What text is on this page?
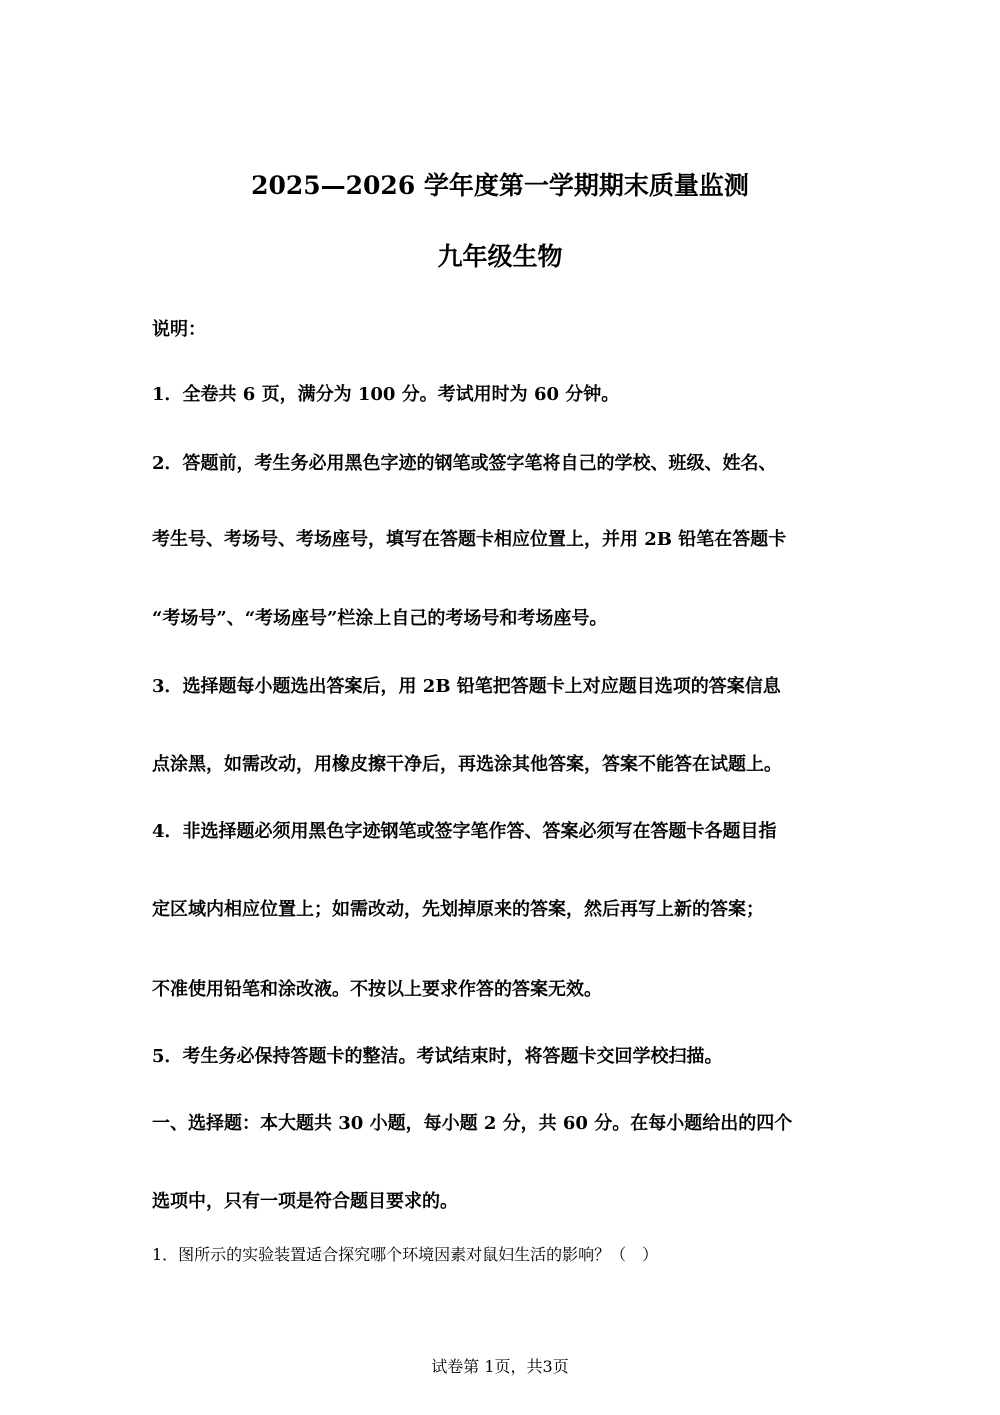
2025—2026 学年度第一学期期末质量监测
九年级生物
说明：
1．全卷共 6 页，满分为 100 分。考试用时为 60 分钟。
2．答题前，考生务必用黑色字迹的钢笔或签字笔将自己的学校、班级、姓名、
考生号、考场号、考场座号，填写在答题卡相应位置上，并用 2B 铅笔在答题卡
“考场号”、“考场座号”栏涂上自己的考场号和考场座号。
3．选择题每小题选出答案后，用 2B 铅笔把答题卡上对应题目选项的答案信息
点涂黑，如需改动，用橡皮擦干净后，再选涂其他答案，答案不能答在试题上。
4．非选择题必须用黑色字迹钢笔或签字笔作答、答案必须写在答题卡各题目指
定区域内相应位置上；如需改动，先划掉原来的答案，然后再写上新的答案；
不准使用铅笔和涂改液。不按以上要求作答的答案无效。
5．考生务必保持答题卡的整洁。考试结束时，将答题卡交回学校扫描。
一、选择题：本大题共 30 小题，每小题 2 分，共 60 分。在每小题给出的四个
选项中，只有一项是符合题目要求的。
1．图所示的实验装置适合探究哪个环境因素对鼠妇生活的影响？（　）
试卷第 1页，共3页
